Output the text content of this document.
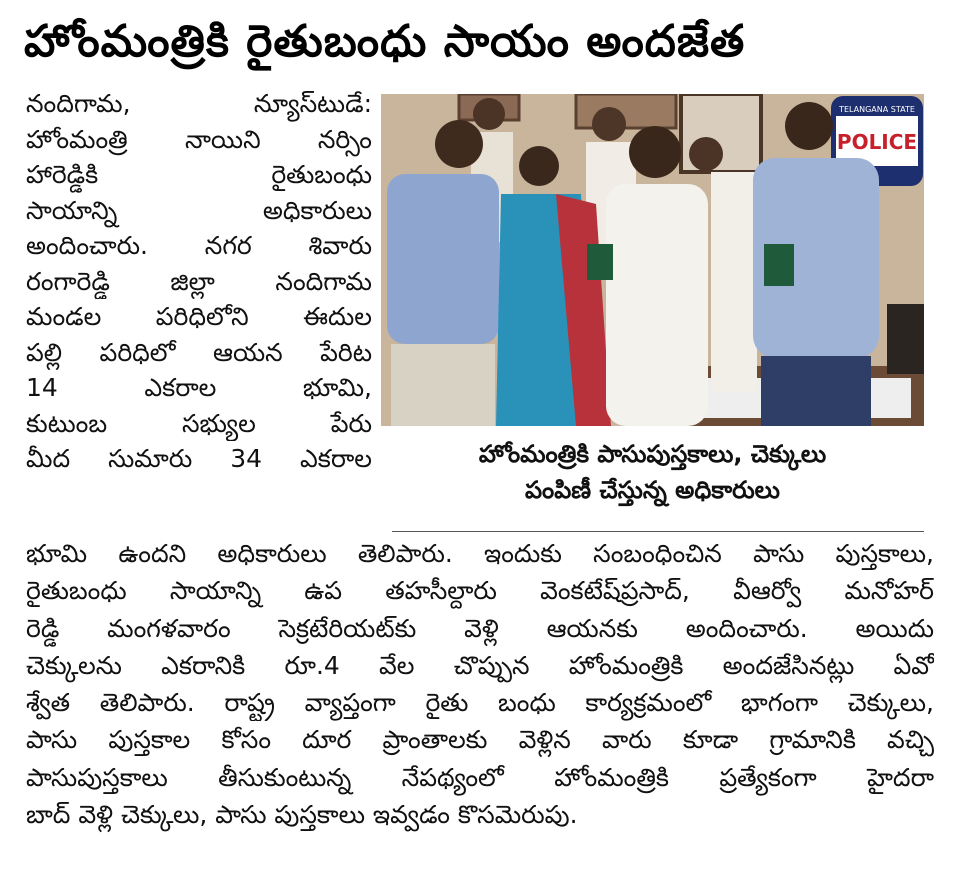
హోంమంత్రికి రైతుబంధు సాయం అందజేత
నందిగామ, న్యూస్‌టుడే:
హోంమంత్రి నాయిని నర్సిం
హారెడ్డికి రైతుబంధు
సాయాన్ని అధికారులు
అందించారు. నగర శివారు
రంగారెడ్డి జిల్లా నందిగామ
మండల పరిధిలోని ఈదుల
పల్లి పరిధిలో ఆయన పేరిట
14 ఎకరాల భూమి,
కుటుంబ సభ్యుల పేరు
మీద సుమారు 34 ఎకరాల
TELANGANA STATE
POLICE
హోంమంత్రికి పాసుపుస్తకాలు, చెక్కులు
పంపిణీ చేస్తున్న అధికారులు
భూమి ఉందని అధికారులు తెలిపారు. ఇందుకు సంబంధించిన పాసు పుస్తకాలు,
రైతుబంధు సాయాన్ని ఉప తహసీల్దారు వెంకటేష్‌ప్రసాద్‌, వీఆర్వో మనోహర్
రెడ్డి మంగళవారం సెక్రటేరియట్‌కు వెళ్లి ఆయనకు అందించారు. అయిదు
చెక్కులను ఎకరానికి రూ.4 వేల చొప్పున హోంమంత్రికి అందజేసినట్లు ఏవో
శ్వేత తెలిపారు. రాష్ట్ర వ్యాప్తంగా రైతు బంధు కార్యక్రమంలో భాగంగా చెక్కులు,
పాసు పుస్తకాల కోసం దూర ప్రాంతాలకు వెళ్లిన వారు కూడా గ్రామానికి వచ్చి
పాసుపుస్తకాలు తీసుకుంటున్న నేపథ్యంలో హోంమంత్రికి ప్రత్యేకంగా హైదరా
బాద్ వెళ్లి చెక్కులు, పాసు పుస్తకాలు ఇవ్వడం కొసమెరుపు.
